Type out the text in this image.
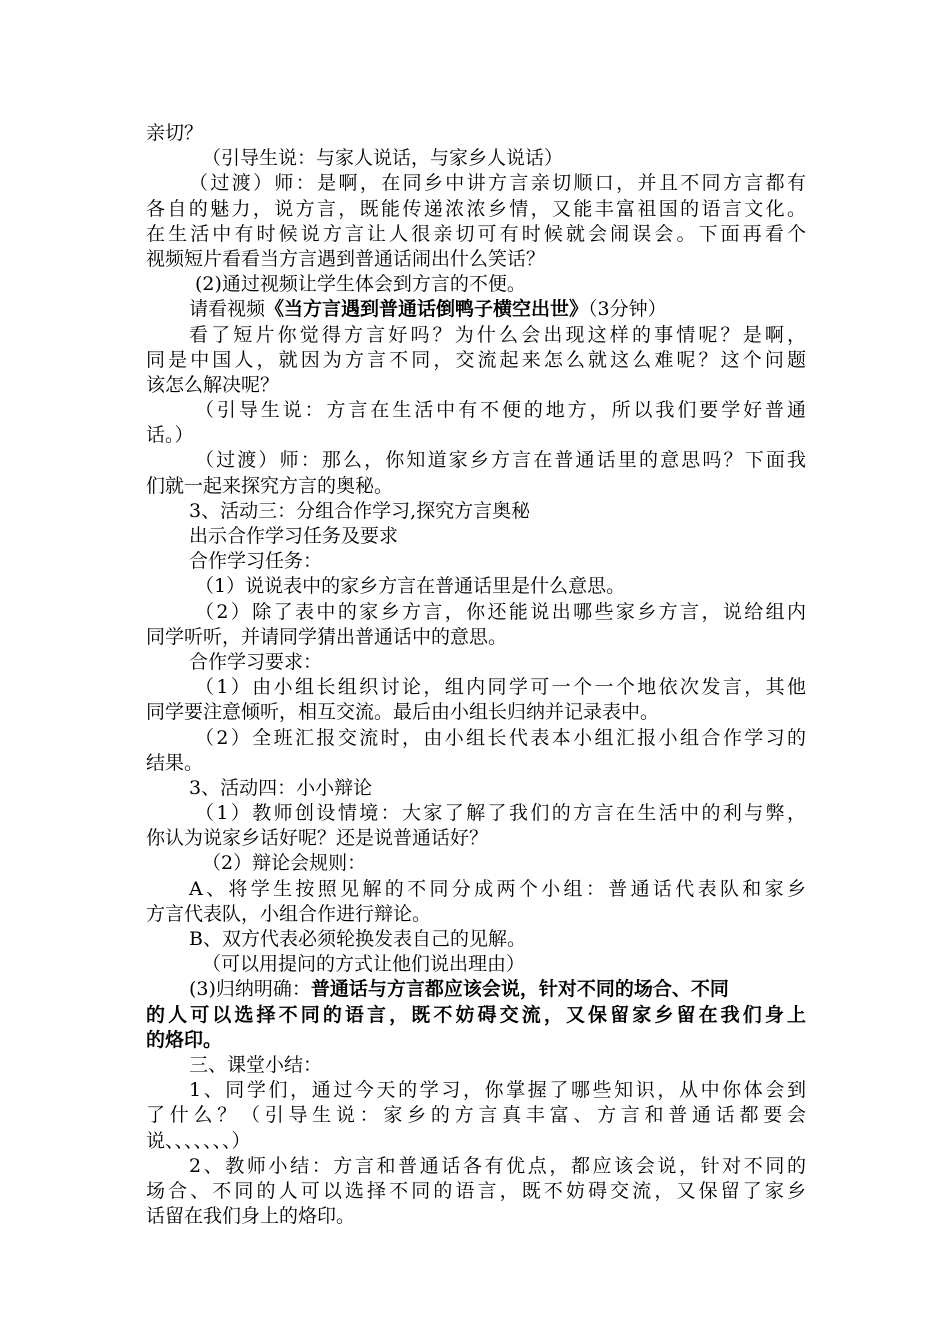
亲切？
（引导生说：与家人说话，与家乡人说话）
（过渡）师：是啊，在同乡中讲方言亲切顺口，并且不同方言都有
各自的魅力，说方言，既能传递浓浓乡情，又能丰富祖国的语言文化。
在生活中有时候说方言让人很亲切可有时候就会闹误会。下面再看个
视频短片看看当方言遇到普通话闹出什么笑话？
(2)通过视频让学生体会到方言的不便。
请看视频《当方言遇到普通话倒鸭子横空出世》（3分钟）
看了短片你觉得方言好吗？为什么会出现这样的事情呢？是啊，
同是中国人，就因为方言不同，交流起来怎么就这么难呢？这个问题
该怎么解决呢？
（引导生说：方言在生活中有不便的地方，所以我们要学好普通
话。）
（过渡）师：那么，你知道家乡方言在普通话里的意思吗？下面我
们就一起来探究方言的奥秘。
3、活动三：分组合作学习,探究方言奥秘
出示合作学习任务及要求
合作学习任务：
（1）说说表中的家乡方言在普通话里是什么意思。
（2）除了表中的家乡方言，你还能说出哪些家乡方言，说给组内
同学听听，并请同学猜出普通话中的意思。
合作学习要求：
（1）由小组长组织讨论，组内同学可一个一个地依次发言，其他
同学要注意倾听，相互交流。最后由小组长归纳并记录表中。
（2）全班汇报交流时，由小组长代表本小组汇报小组合作学习的
结果。
3、活动四：小小辩论
（1）教师创设情境：大家了解了我们的方言在生活中的利与弊，
你认为说家乡话好呢？还是说普通话好？
（2）辩论会规则：
A、将学生按照见解的不同分成两个小组：普通话代表队和家乡
方言代表队，小组合作进行辩论。
B、双方代表必须轮换发表自己的见解。
（可以用提问的方式让他们说出理由）
(3)归纳明确：普通话与方言都应该会说，针对不同的场合、不同
的人可以选择不同的语言，既不妨碍交流，又保留家乡留在我们身上
的烙印。
三、课堂小结：
1、同学们，通过今天的学习，你掌握了哪些知识，从中你体会到
了什么？（引导生说：家乡的方言真丰富、方言和普通话都要会
说、、、、、、、）
2、教师小结：方言和普通话各有优点，都应该会说，针对不同的
场合、不同的人可以选择不同的语言，既不妨碍交流，又保留了家乡
话留在我们身上的烙印。
